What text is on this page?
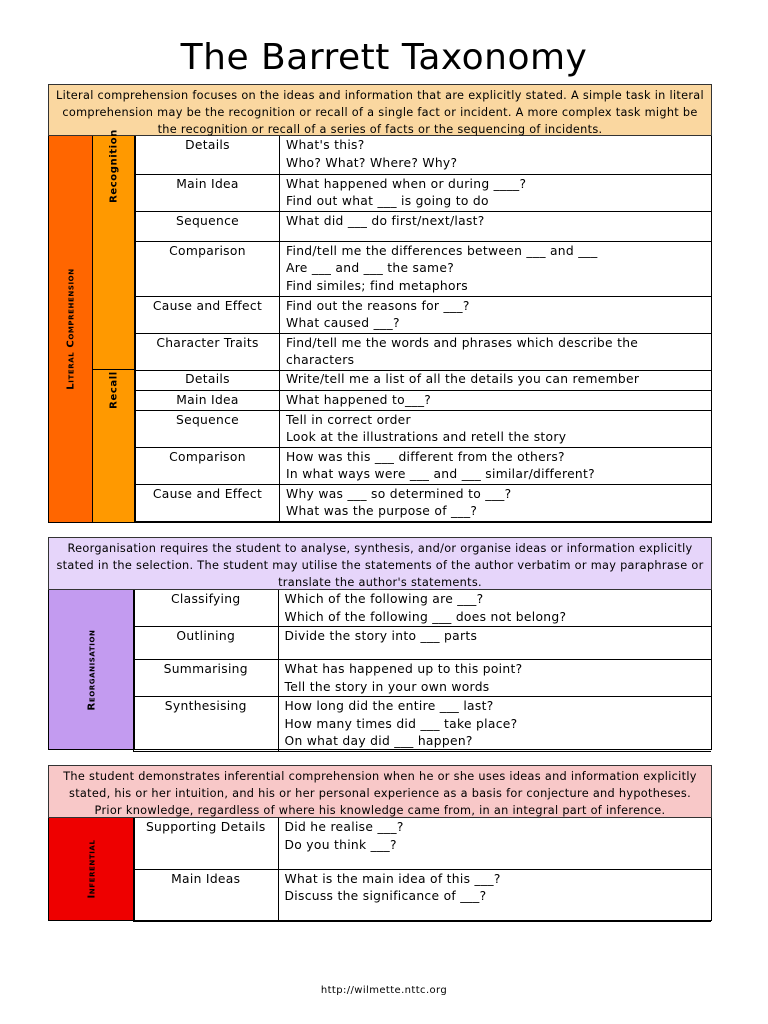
The Barrett Taxonomy
Literal comprehension focuses on the ideas and information that are explicitly stated. A simple task in literal comprehension may be the recognition or recall of a single fact or incident. A more complex task might be the recognition or recall of a series of facts or the sequencing of incidents.
Literal Comprehension
Recognition
Recall
Details	What's this?
Who? What? Where? Why?

Main Idea	What happened when or during ____?
Find out what ___ is going to do

Sequence	What did ___ do first/next/last?

Comparison	Find/tell me the differences between ___ and ___
Are ___ and ___ the same?
Find similes; find metaphors

Cause and Effect	Find out the reasons for ___?
What caused ___?

Character Traits	Find/tell me the words and phrases which describe the
characters
Details	Write/tell me a list of all the details you can remember

Main Idea	What happened to___?

Sequence	Tell in correct order
Look at the illustrations and retell the story

Comparison	How was this ___ different from the others?
In what ways were ___ and ___ similar/different?

Cause and Effect	Why was ___ so determined to ___?
What was the purpose of ___?
Reorganisation requires the student to analyse, synthesis, and/or organise ideas or information explicitly stated in the selection. The student may utilise the statements of the author verbatim or may paraphrase or translate the author's statements.
Reorganisation
Classifying	Which of the following are ___?
Which of the following ___ does not belong?

Outlining	Divide the story into ___ parts

Summarising	What has happened up to this point?
Tell the story in your own words

Synthesising	How long did the entire ___ last?
How many times did ___ take place?
On what day did ___ happen?
The student demonstrates inferential comprehension when he or she uses ideas and information explicitly stated, his or her intuition, and his or her personal experience as a basis for conjecture and hypotheses. Prior knowledge, regardless of where his knowledge came from, in an integral part of inference.
Inferential
Supporting Details	Did he realise ___?
Do you think ___?

Main Ideas	What is the main idea of this ___?
Discuss the significance of ___?
http://wilmette.nttc.org
